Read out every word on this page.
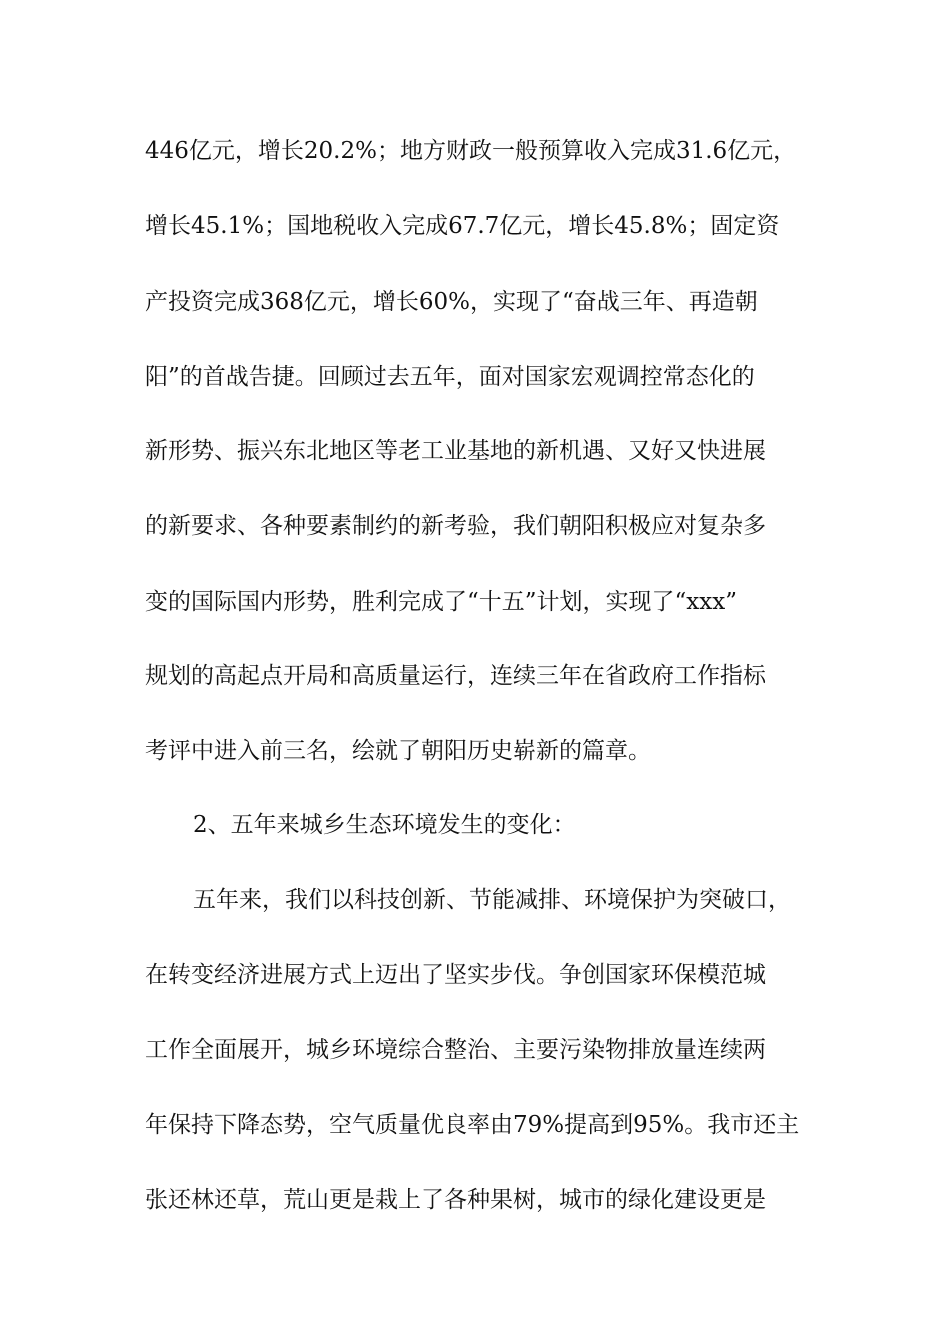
446亿元，增长20.2%；地方财政一般预算收入完成31.6亿元，
增长45.1%；国地税收入完成67.7亿元，增长45.8%；固定资
产投资完成368亿元，增长60%，实现了“奋战三年、再造朝
阳”的首战告捷。回顾过去五年，面对国家宏观调控常态化的
新形势、振兴东北地区等老工业基地的新机遇、又好又快进展
的新要求、各种要素制约的新考验，我们朝阳积极应对复杂多
变的国际国内形势，胜利完成了“十五”计划，实现了“xxx”
规划的高起点开局和高质量运行，连续三年在省政府工作指标
考评中进入前三名，绘就了朝阳历史崭新的篇章。
2、五年来城乡生态环境发生的变化：
五年来，我们以科技创新、节能减排、环境保护为突破口，
在转变经济进展方式上迈出了坚实步伐。争创国家环保模范城
工作全面展开，城乡环境综合整治、主要污染物排放量连续两
年保持下降态势，空气质量优良率由79%提高到95%。我市还主
张还林还草，荒山更是栽上了各种果树，城市的绿化建设更是
